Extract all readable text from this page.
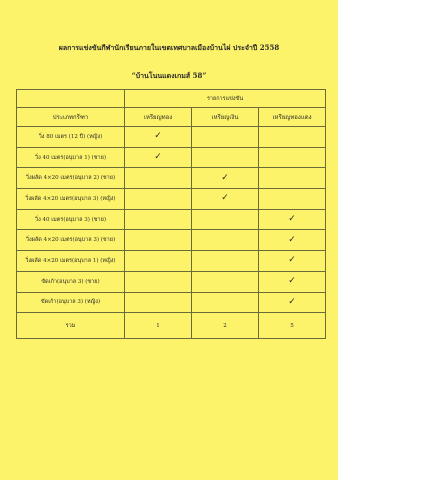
ผลการแข่งขันกีฬานักเรียนภายในเขตเทศบาลเมืองบ้านไผ่ ประจำปี 2558
“บ้านโนนแดงเกมส์ 58”
	รายการแข่งขัน		
ประเภทกรีฑา	เหรียญทอง	เหรียญเงิน	เหรียญทองแดง
วิ่ง 80 เมตร (12 ปี) (หญิง)	✓		
วิ่ง 40 เมตร(อนุบาล 1) (ชาย)	✓		
วิ่งผลัด 4×20 เมตร(อนุบาล 2) (ชาย)		✓	
วิ่งผลัด 4×20 เมตร(อนุบาล 3) (หญิง)		✓	
วิ่ง 40 เมตร(อนุบาล 3) (ชาย)			✓
วิ่งผลัด 4×20 เมตร(อนุบาล 3) (ชาย)			✓
วิ่งผลัด 4×20 เมตร(อนุบาล 1) (หญิง)			✓
ขัดเก้า(อนุบาล 3) (ชาย)			✓
ขัดเก้า(อนุบาล 3) (หญิง)			✓
รวม	1	2	5
